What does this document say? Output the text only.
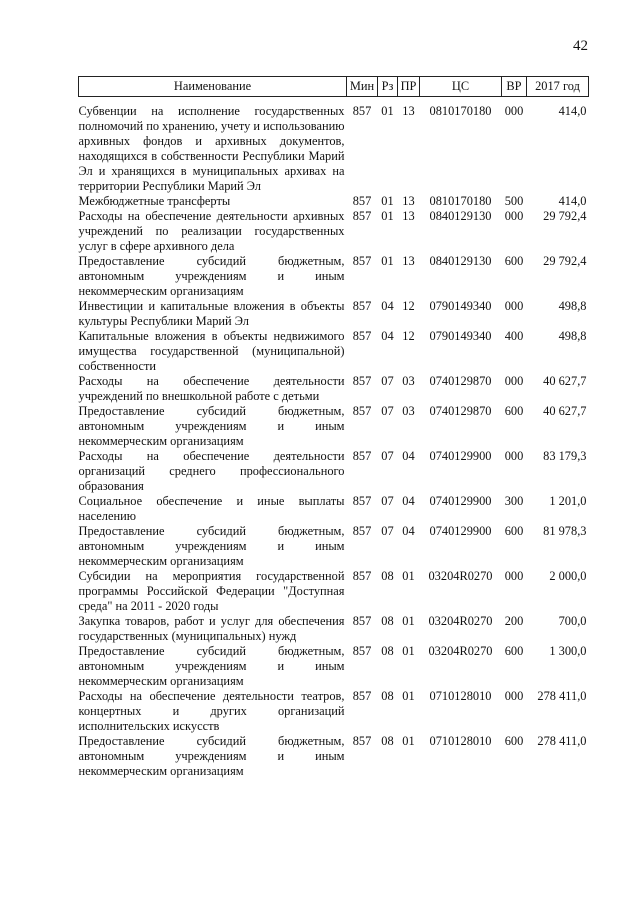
42
Наименование	Мин	Рз	ПР	ЦС	ВР	2017 год
Субвенции на исполнение государственных полномочий по хранению, учету и использованию архивных фондов и архивных документов, находящихся в собственности Республики Марий Эл и хранящихся в муниципальных архивах на территории Республики Марий Эл	857	01	13	0810170180	000	414,0
Межбюджетные трансферты	857	01	13	0810170180	500	414,0
Расходы на обеспечение деятельности архивных учреждений по реализации государственных услуг в сфере архивного дела	857	01	13	0840129130	000	29 792,4
Предоставление субсидий бюджетным, автономным учреждениям и иным некоммерческим организациям	857	01	13	0840129130	600	29 792,4
Инвестиции и капитальные вложения в объекты культуры Республики Марий Эл	857	04	12	0790149340	000	498,8
Капитальные вложения в объекты недвижимого имущества государственной (муниципальной) собственности	857	04	12	0790149340	400	498,8
Расходы на обеспечение деятельности учреждений по внешкольной работе с детьми	857	07	03	0740129870	000	40 627,7
Предоставление субсидий бюджетным, автономным учреждениям и иным некоммерческим организациям	857	07	03	0740129870	600	40 627,7
Расходы на обеспечение деятельности организаций среднего профессионального образования	857	07	04	0740129900	000	83 179,3
Социальное обеспечение и иные выплаты населению	857	07	04	0740129900	300	1 201,0
Предоставление субсидий бюджетным, автономным учреждениям и иным некоммерческим организациям	857	07	04	0740129900	600	81 978,3
Субсидии на мероприятия государственной программы Российской Федерации "Доступная среда" на 2011 - 2020 годы	857	08	01	03204R0270	000	2 000,0
Закупка товаров, работ и услуг для обеспечения государственных (муниципальных) нужд	857	08	01	03204R0270	200	700,0
Предоставление субсидий бюджетным, автономным учреждениям и иным некоммерческим организациям	857	08	01	03204R0270	600	1 300,0
Расходы на обеспечение деятельности театров, концертных и других организаций исполнительских искусств	857	08	01	0710128010	000	278 411,0
Предоставление субсидий бюджетным, автономным учреждениям и иным некоммерческим организациям	857	08	01	0710128010	600	278 411,0
